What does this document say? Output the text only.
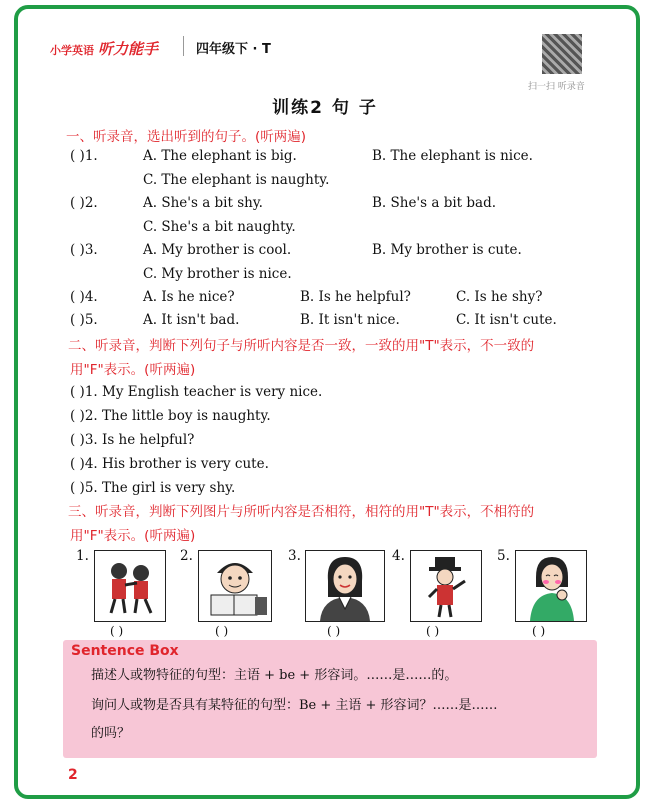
小学英语 听力能手	四年级下 · T
扫一扫 听录音
训练2 句 子
一、听录音，选出听到的句子。(听两遍)
( )1.	A. The elephant is big.	B. The elephant is nice.
C. The elephant is naughty.
( )2.	A. She's a bit shy.	B. She's a bit bad.
C. She's a bit naughty.
( )3.	A. My brother is cool.	B. My brother is cute.
C. My brother is nice.
( )4.	A. Is he nice?	B. Is he helpful?	C. Is he shy?
( )5.	A. It isn't bad.	B. It isn't nice.	C. It isn't cute.
二、听录音，判断下列句子与所听内容是否一致，一致的用"T"表示，不一致的
用"F"表示。(听两遍)
( )1. My English teacher is very nice.
( )2. The little boy is naughty.
( )3. Is he helpful?
( )4. His brother is very cute.
( )5. The girl is very shy.
三、听录音，判断下列图片与所听内容是否相符，相符的用"T"表示，不相符的
用"F"表示。(听两遍)
1.
( )
2.
( )
3.
( )
4.
( )
5.
( )
Sentence Box
描述人或物特征的句型：主语 + be + 形容词。……是……的。
询问人或物是否具有某特征的句型：Be + 主语 + 形容词？……是……
的吗？
2
